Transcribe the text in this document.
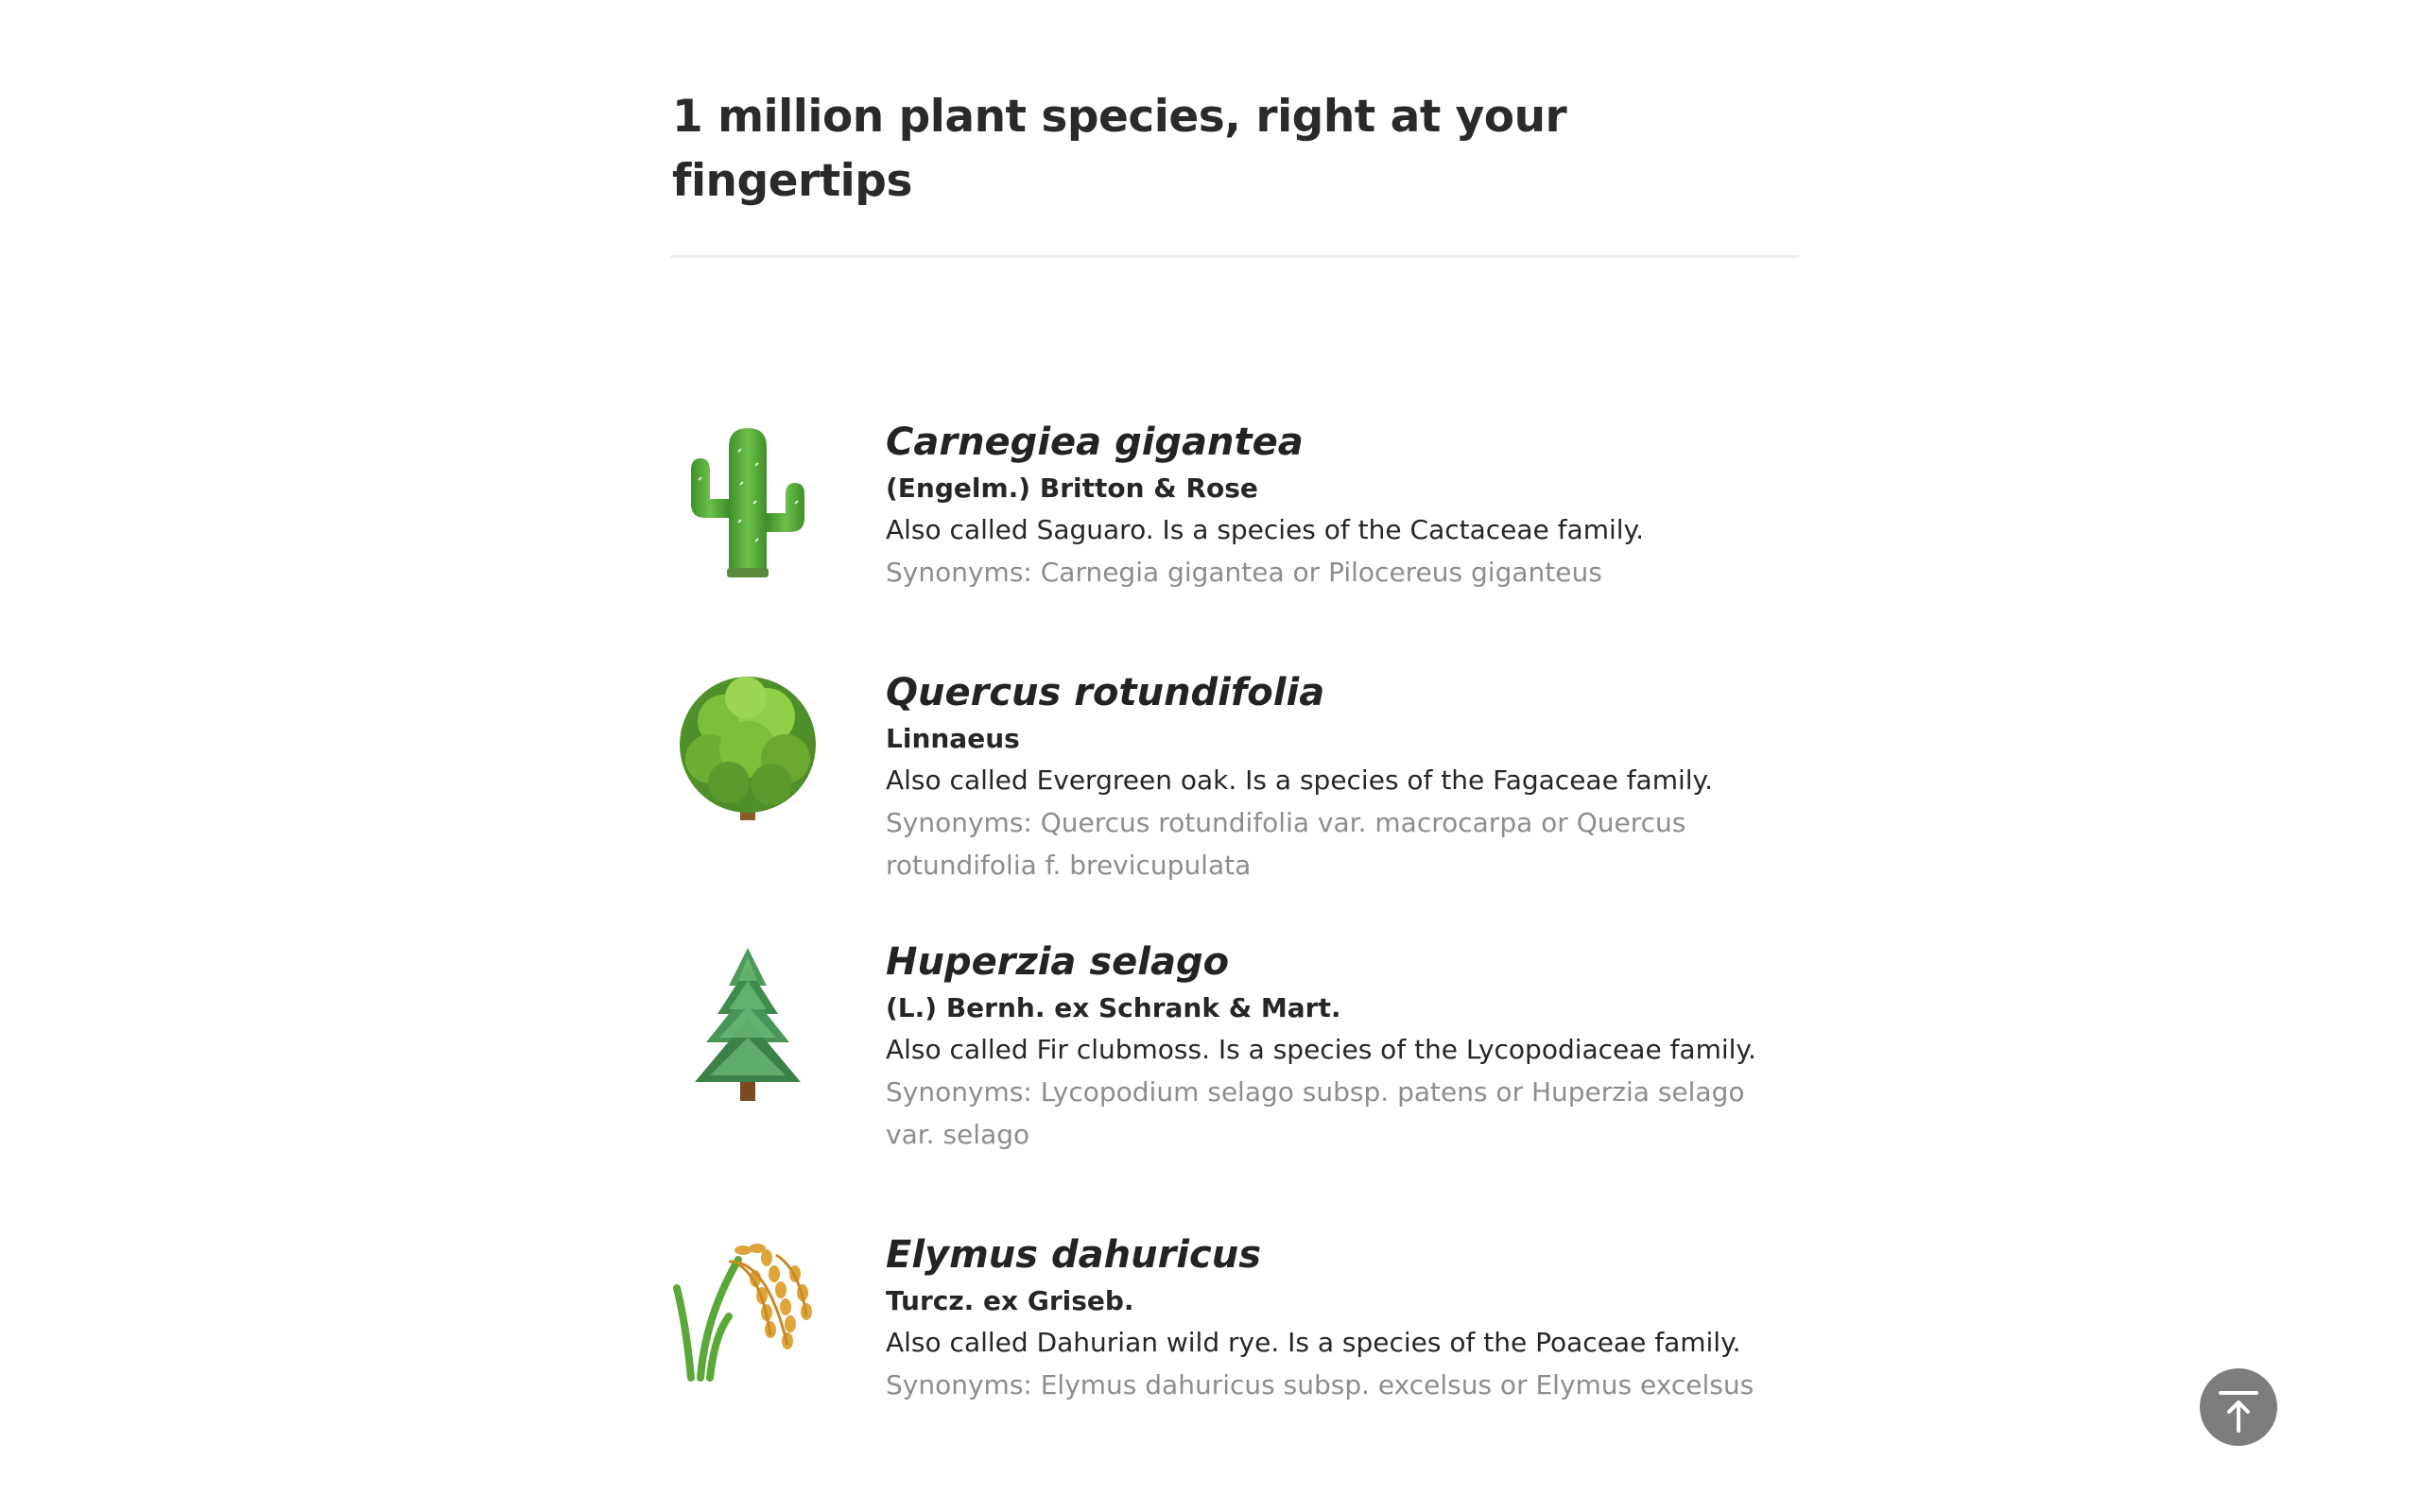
1 million plant species, right at your fingertips

Carnegiea gigantea

(Engelm.) Britton & Rose
Also called Saguaro. Is a species of the Cactaceae family.
Synonyms: Carnegia gigantea or Pilocereus giganteus

Quercus rotundifolia

Linnaeus
Also called Evergreen oak. Is a species of the Fagaceae family.
Synonyms: Quercus rotundifolia var. macrocarpa or Quercus rotundifolia f. brevicupulata

Huperzia selago

(L.) Bernh. ex Schrank & Mart.
Also called Fir clubmoss. Is a species of the Lycopodiaceae family.
Synonyms: Lycopodium selago subsp. patens or Huperzia selago var. selago

Elymus dahuricus

Turcz. ex Griseb.
Also called Dahurian wild rye. Is a species of the Poaceae family.
Synonyms: Elymus dahuricus subsp. excelsus or Elymus excelsus
